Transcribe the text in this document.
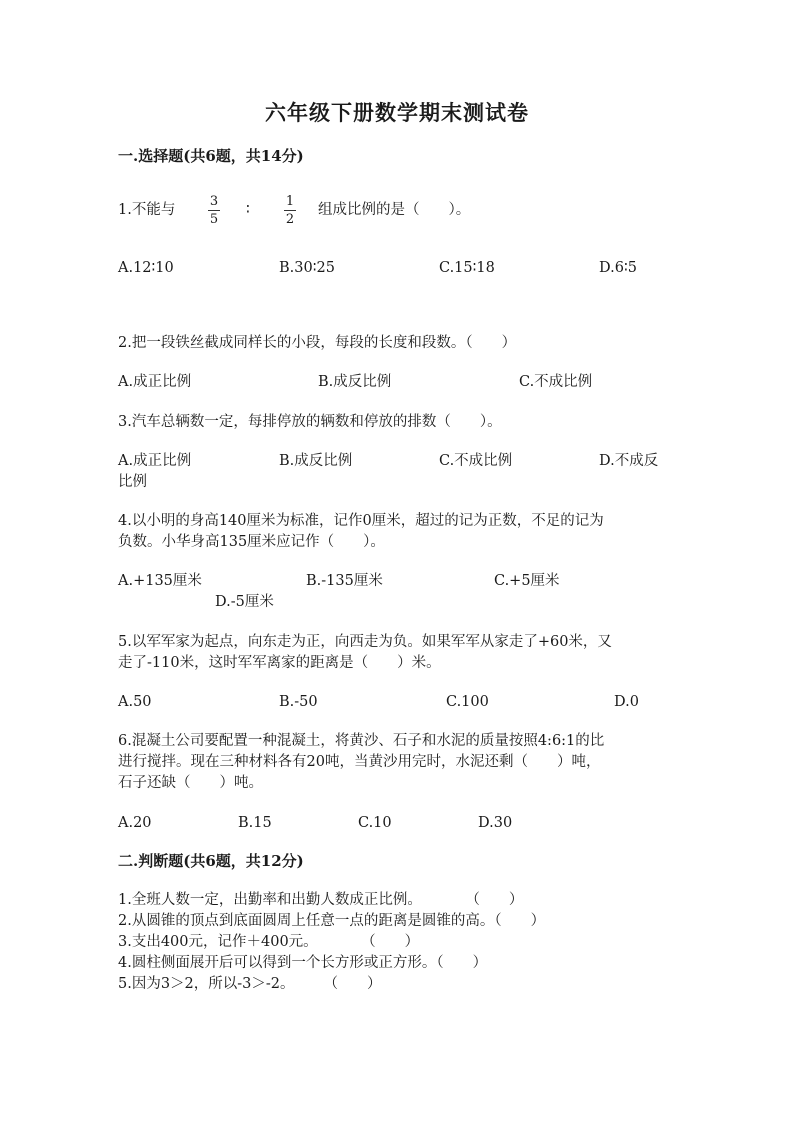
六年级下册数学期末测试卷
一.选择题(共6题，共14分)
1.不能与
3
5
∶
1
2
组成比例的是（　　）。
A.12∶10	B.30∶25	C.15∶18	D.6∶5
2.把一段铁丝截成同样长的小段，每段的长度和段数。（　　）
A.成正比例	B.成反比例	C.不成比例
3.汽车总辆数一定，每排停放的辆数和停放的排数（　　）。
A.成正比例	B.成反比例	C.不成比例	D.不成反
比例
4.以小明的身高140厘米为标准，记作0厘米，超过的记为正数，不足的记为
负数。小华身高135厘米应记作（　　）。
A.+135厘米	B.-135厘米	C.+5厘米
D.-5厘米
5.以军军家为起点，向东走为正，向西走为负。如果军军从家走了+60米，又
走了-110米，这时军军离家的距离是（　　）米。
A.50	B.-50	C.100	D.0
6.混凝土公司要配置一种混凝土，将黄沙、石子和水泥的质量按照4:6:1的比
进行搅拌。现在三种材料各有20吨，当黄沙用完时，水泥还剩（　　）吨，
石子还缺（　　）吨。
A.20	B.15	C.10	D.30
二.判断题(共6题，共12分)
1.全班人数一定，出勤率和出勤人数成正比例。　　　　（　　）
2.从圆锥的顶点到底面圆周上任意一点的距离是圆锥的高。（　　）
3.支出400元，记作＋400元。　　　　（　　）
4.圆柱侧面展开后可以得到一个长方形或正方形。（　　）
5.因为3＞2，所以-3＞-2。　　　（　　）
